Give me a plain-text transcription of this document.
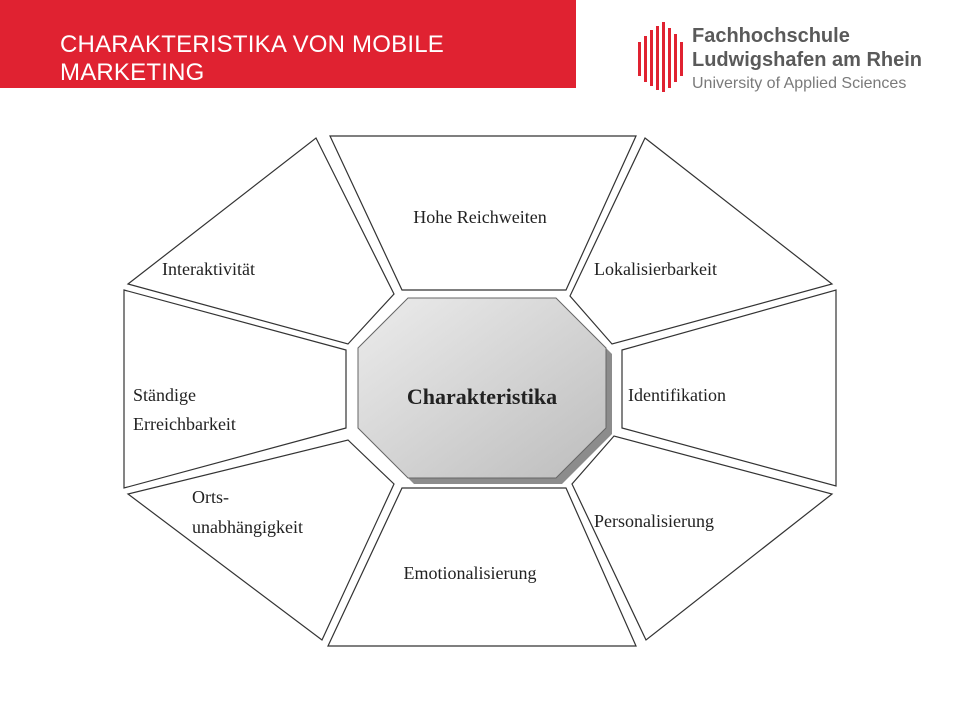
CHARAKTERISTIKA VON MOBILE MARKETING
Fachhochschule
Ludwigshafen am Rhein
University of Applied Sciences
Charakteristika
Hohe Reichweiten
Lokalisierbarkeit
Identifikation
Personalisierung
Emotionalisierung
Orts-
unabhängigkeit
Ständige
Erreichbarkeit
Interaktivität
